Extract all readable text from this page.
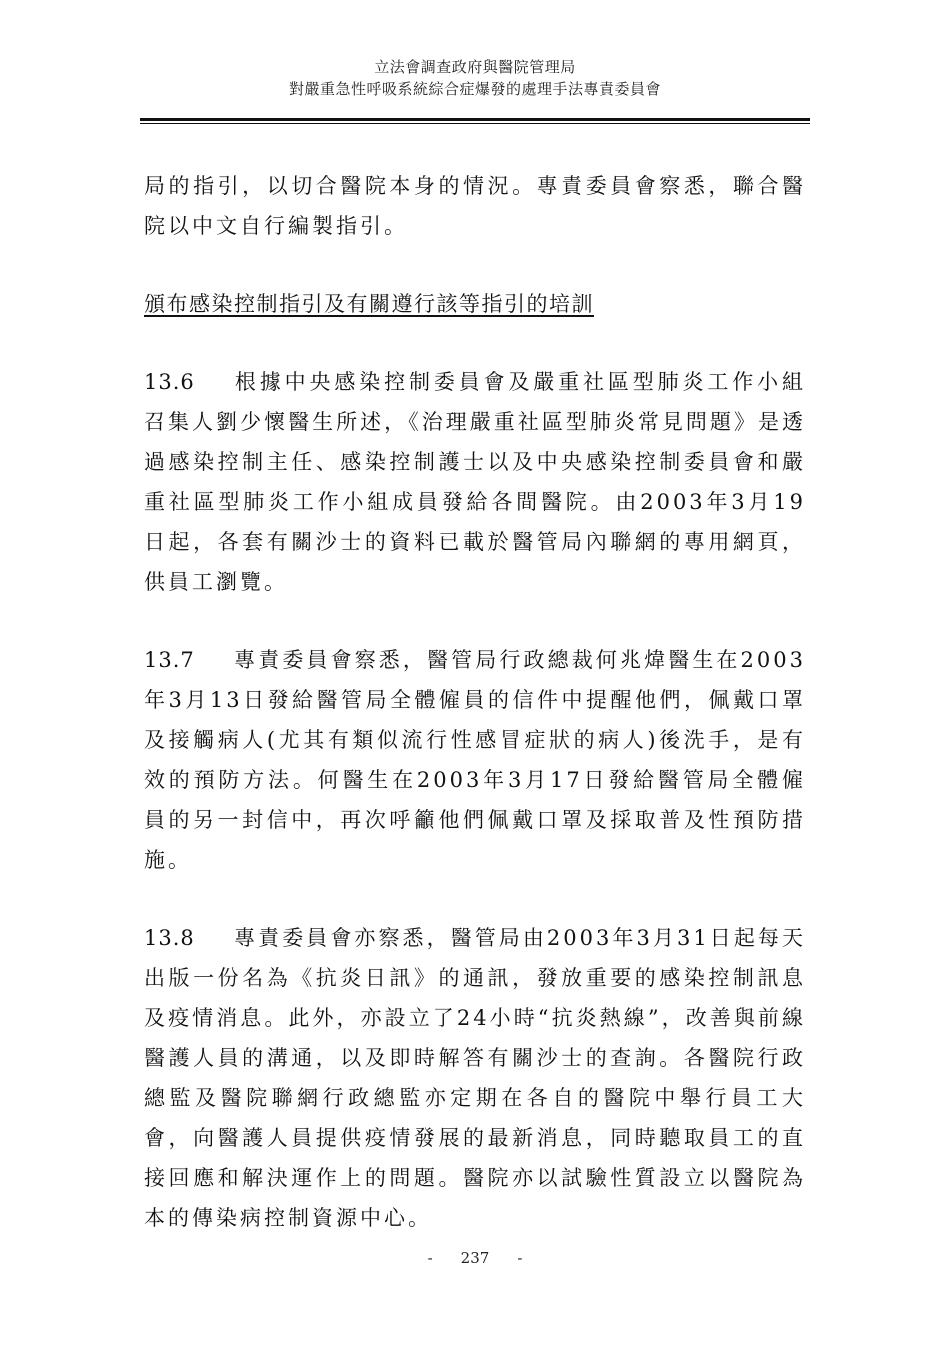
立法會調查政府與醫院管理局
對嚴重急性呼吸系統綜合症爆發的處理手法專責委員會
局的指引，以切合醫院本身的情況。專責委員會察悉，聯合醫院以中文自行編製指引。
頒布感染控制指引及有關遵行該等指引的培訓
13.6 根據中央感染控制委員會及嚴重社區型肺炎工作小組召集人劉少懷醫生所述，《治理嚴重社區型肺炎常見問題》是透過感染控制主任、感染控制護士以及中央感染控制委員會和嚴重社區型肺炎工作小組成員發給各間醫院。由2003年3月19日起，各套有關沙士的資料已載於醫管局內聯網的專用網頁，供員工瀏覽。
13.7 專責委員會察悉，醫管局行政總裁何兆煒醫生在2003年3月13日發給醫管局全體僱員的信件中提醒他們，佩戴口罩及接觸病人(尤其有類似流行性感冒症狀的病人)後洗手，是有效的預防方法。何醫生在2003年3月17日發給醫管局全體僱員的另一封信中，再次呼籲他們佩戴口罩及採取普及性預防措施。
13.8 專責委員會亦察悉，醫管局由2003年3月31日起每天出版一份名為《抗炎日訊》的通訊，發放重要的感染控制訊息及疫情消息。此外，亦設立了24小時“抗炎熱線”，改善與前線醫護人員的溝通，以及即時解答有關沙士的查詢。各醫院行政總監及醫院聯網行政總監亦定期在各自的醫院中舉行員工大會，向醫護人員提供疫情發展的最新消息，同時聽取員工的直接回應和解決運作上的問題。醫院亦以試驗性質設立以醫院為本的傳染病控制資源中心。
- 237 -
